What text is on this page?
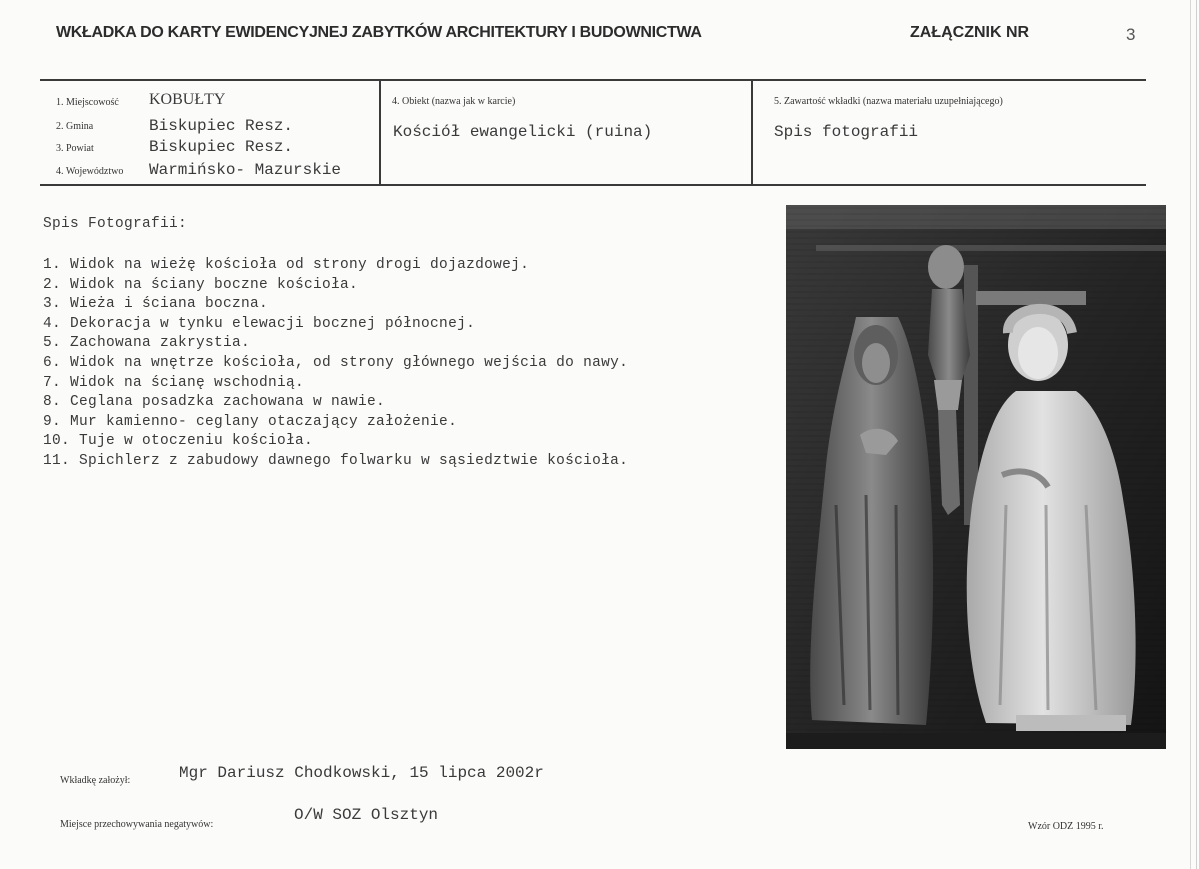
WKŁADKA DO KARTY EWIDENCYJNEJ ZABYTKÓW ARCHITEKTURY I BUDOWNICTWA	ZAŁĄCZNIK NR	3
1. Miejscowość KOBUŁTY
2. Gmina	Biskupiec Resz.
3. Powiat	Biskupiec Resz.
4. Województwo Warmińsko- Mazurskie
4. Obiekt (nazwa jak w karcie)
Kościół ewangelicki (ruina)
5. Zawartość wkładki (nazwa materiału uzupełniającego)
Spis fotografii
Spis Fotografii:
1. Widok na wieżę kościoła od strony drogi dojazdowej.
2. Widok na ściany boczne kościoła.
3. Wieża i ściana boczna.
4. Dekoracja w tynku elewacji bocznej północnej.
5. Zachowana zakrystia.
6. Widok na wnętrze kościoła, od strony głównego wejścia do nawy.
7. Widok na ścianę wschodnią.
8. Ceglana posadzka zachowana w nawie.
9. Mur kamienno- ceglany otaczający założenie.
10. Tuje w otoczeniu kościoła.
11. Spichlerz z zabudowy dawnego folwarku w sąsiedztwie kościoła.
Wkładkę założył:	Mgr Dariusz Chodkowski, 15 lipca 2002r
Miejsce przechowywania negatywów:
O/W SOZ Olsztyn
Wzór ODZ 1995 r.
